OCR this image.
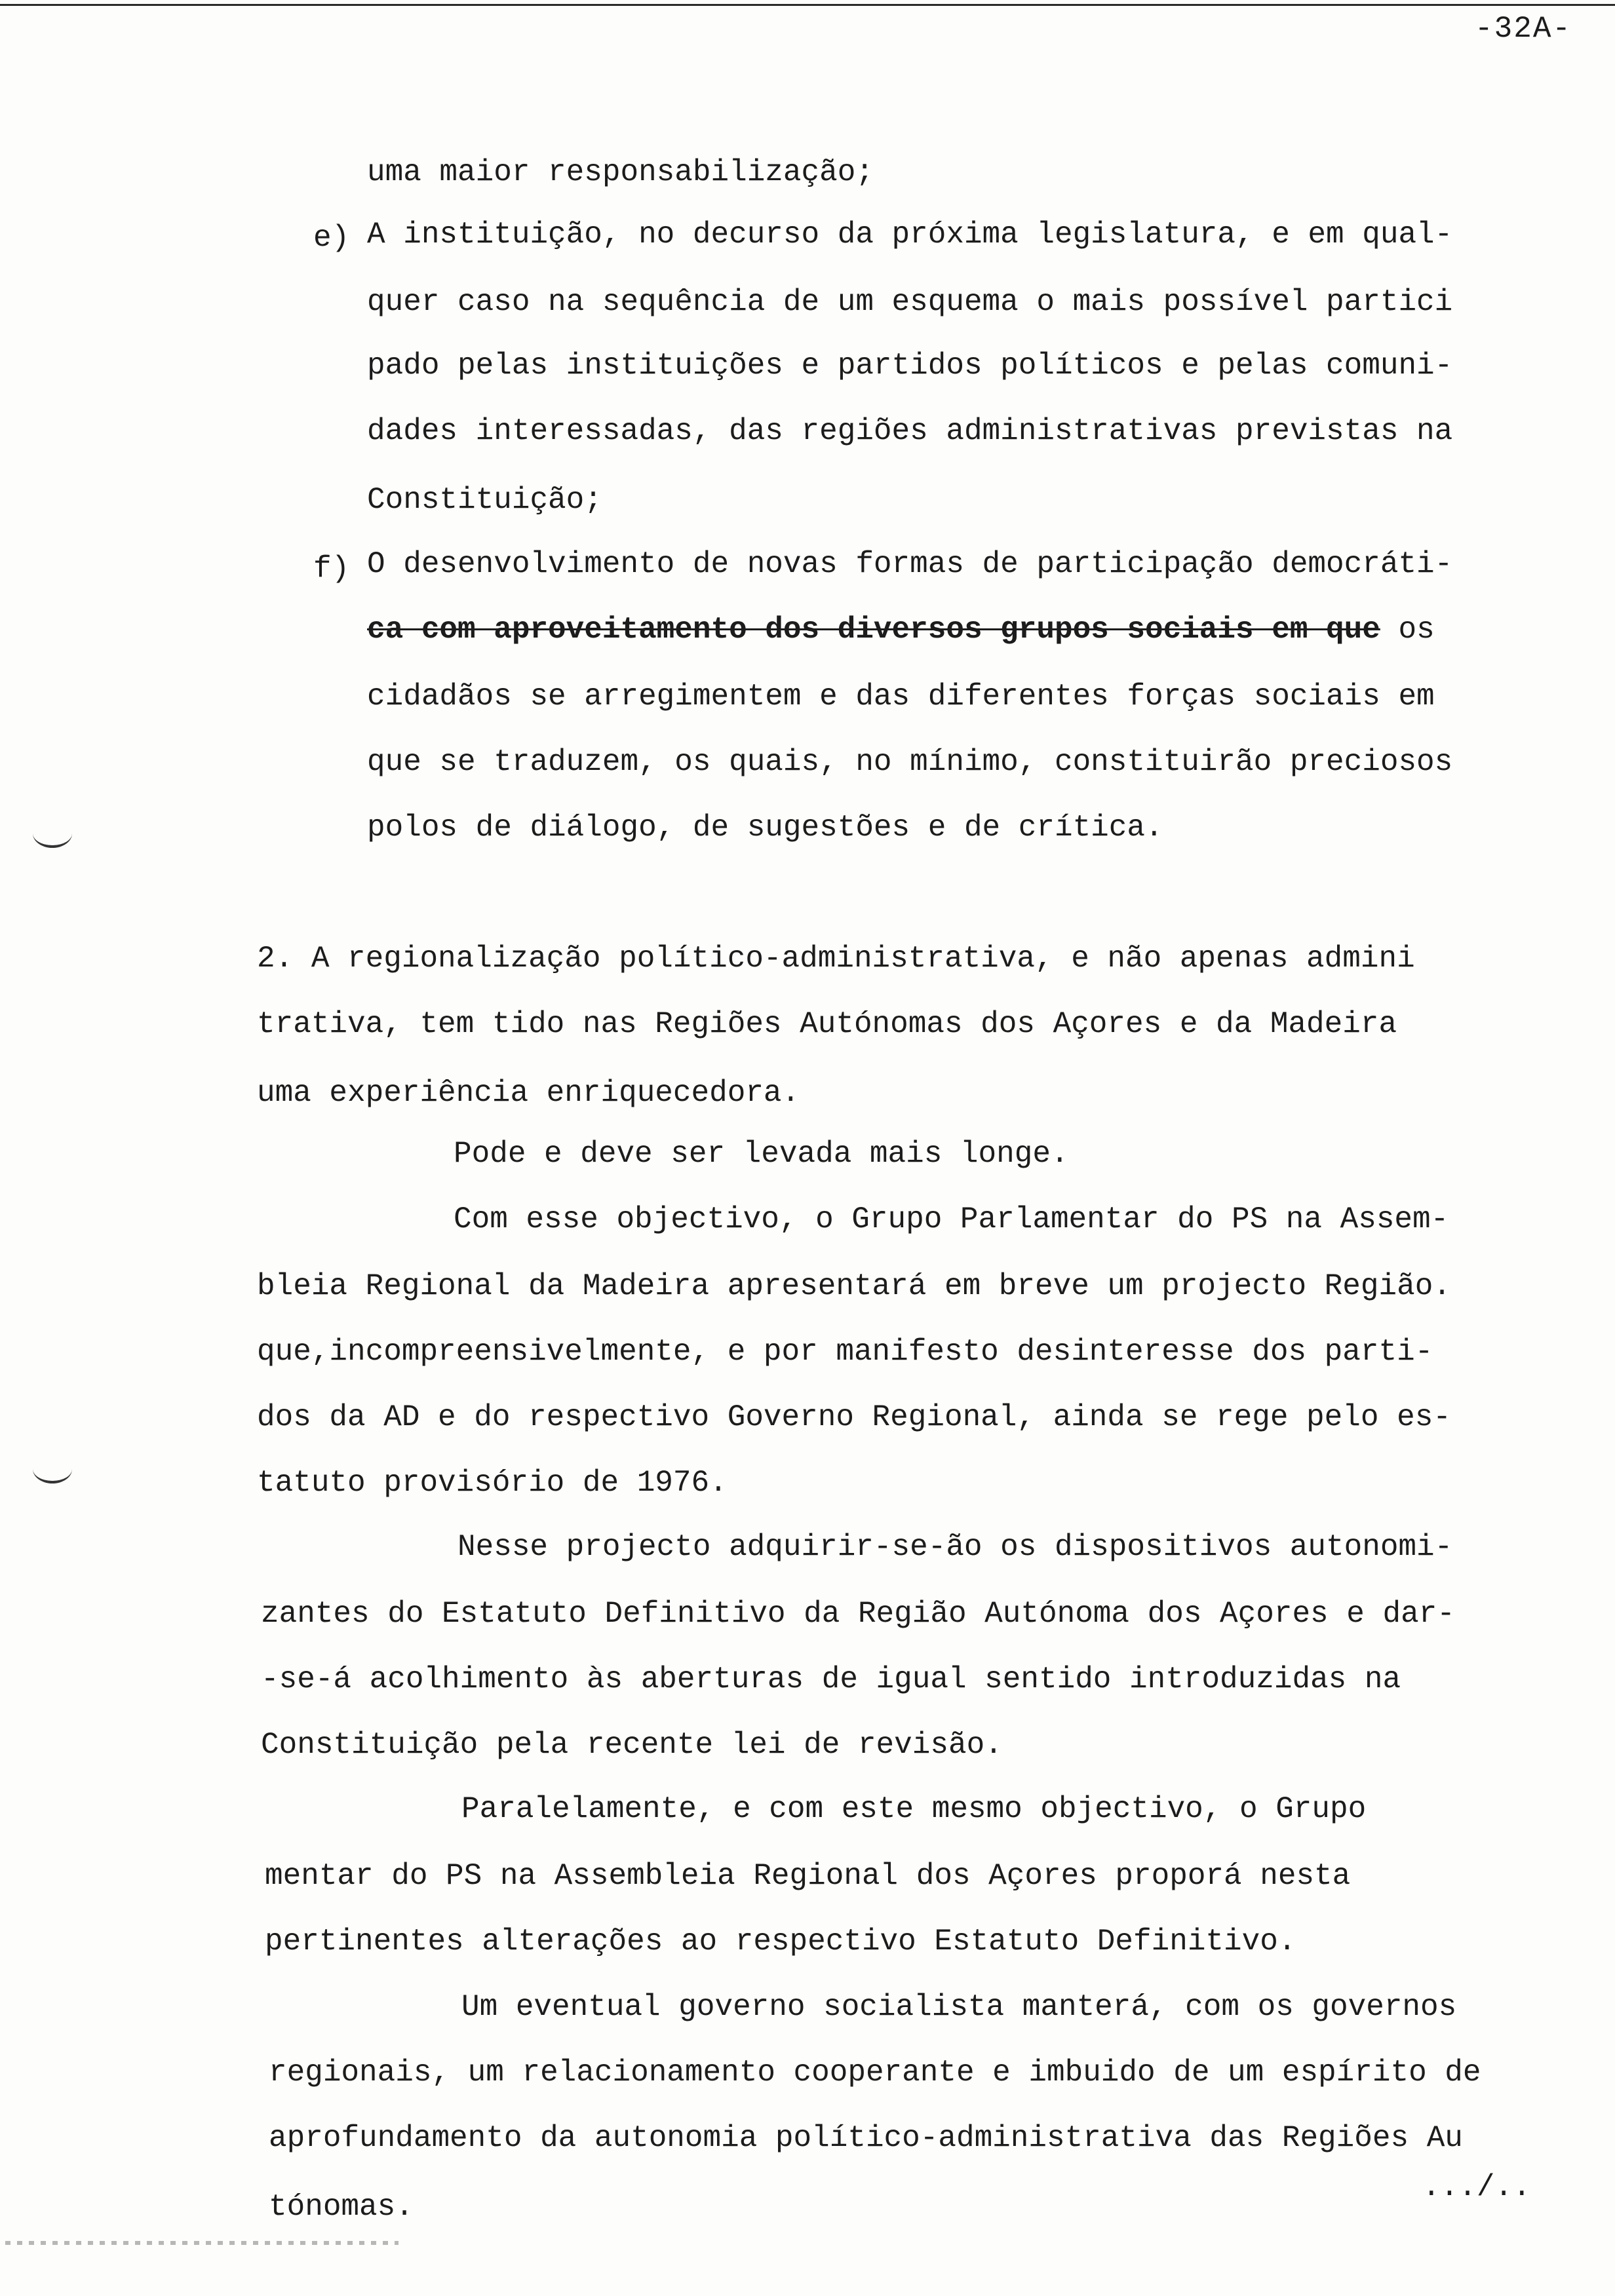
-32A-
uma maior responsabilização;
e) A instituição, no decurso da próxima legislatura, e em qual-
quer caso na sequência de um esquema o mais possível partici
pado pelas instituições e partidos políticos e pelas comuni-
dades interessadas, das regiões administrativas previstas na
Constituição;
f) O desenvolvimento de novas formas de participação democráti-
ca com aproveitamento dos diversos grupos sociais em que os
cidadãos se arregimentem e das diferentes forças sociais em
que se traduzem, os quais, no mínimo, constituirão preciosos
polos de diálogo, de sugestões e de crítica.
2. A regionalização político-administrativa, e não apenas admini
trativa, tem tido nas Regiões Autónomas dos Açores e da Madeira
uma experiência enriquecedora.
Pode e deve ser levada mais longe.
Com esse objectivo, o Grupo Parlamentar do PS na Assem-
bleia Regional da Madeira apresentará em breve um projecto Região.
que,incompreensivelmente, e por manifesto desinteresse dos parti-
dos da AD e do respectivo Governo Regional, ainda se rege pelo es-
tatuto provisório de 1976.
Nesse projecto adquirir-se-ão os dispositivos autonomi-
zantes do Estatuto Definitivo da Região Autónoma dos Açores e dar-
-se-á acolhimento às aberturas de igual sentido introduzidas na
Constituição pela recente lei de revisão.
Paralelamente, e com este mesmo objectivo, o Grupo
mentar do PS na Assembleia Regional dos Açores proporá nesta
pertinentes alterações ao respectivo Estatuto Definitivo.
Um eventual governo socialista manterá, com os governos
regionais, um relacionamento cooperante e imbuido de um espírito de
aprofundamento da autonomia político-administrativa das Regiões Au
tónomas.
.../..
